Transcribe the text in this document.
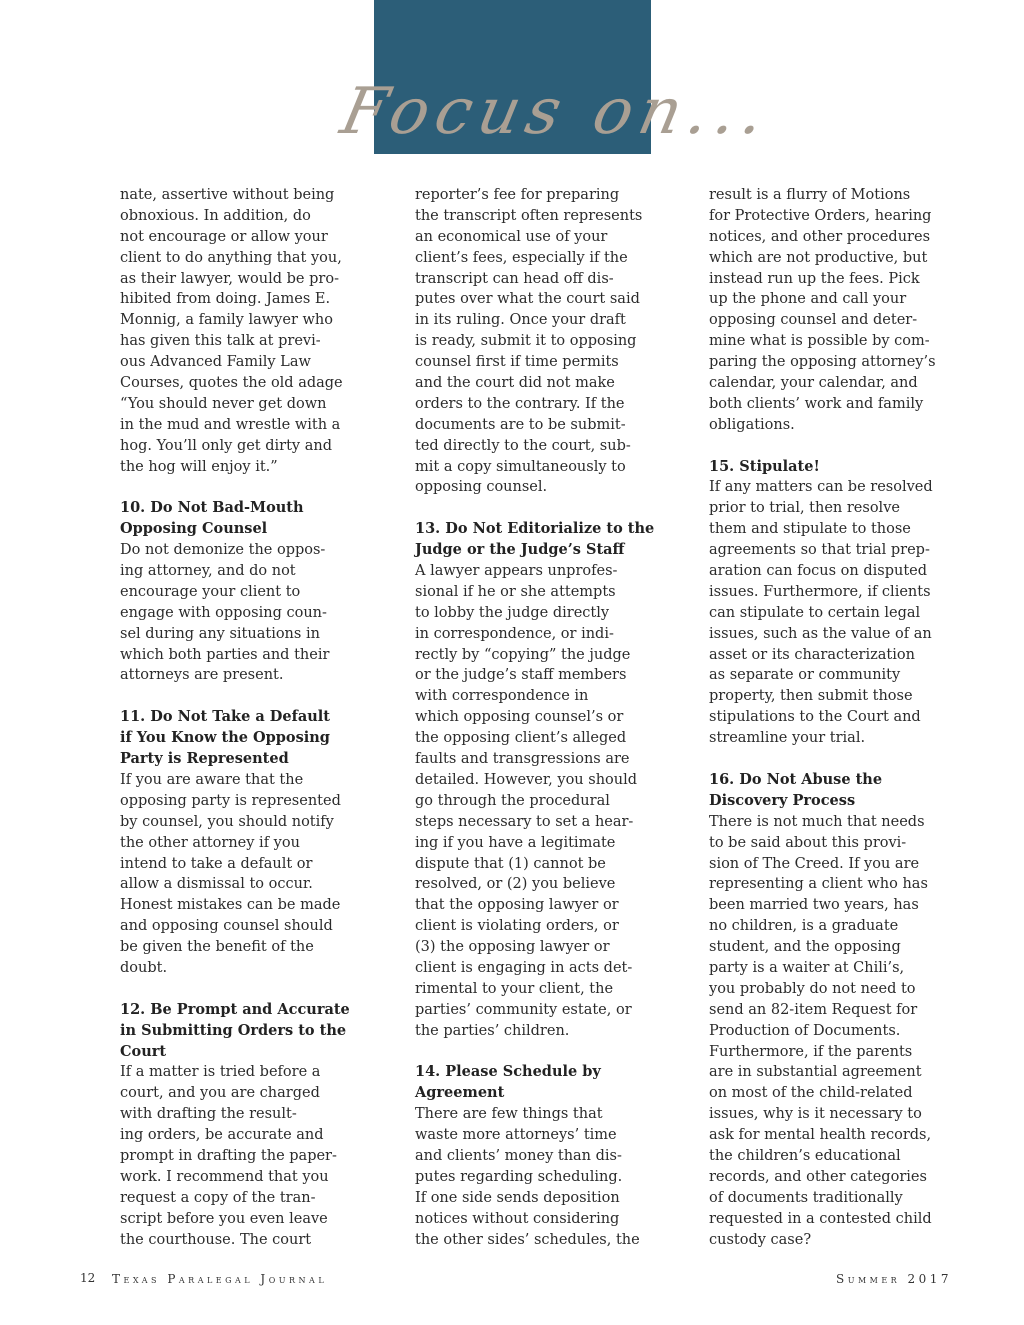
Focus on...
nate, assertive without being
obnoxious. In addition, do
not encourage or allow your
client to do anything that you,
as their lawyer, would be pro-
hibited from doing. James E.
Monnig, a family lawyer who
has given this talk at previ-
ous Advanced Family Law
Courses, quotes the old adage
“You should never get down
in the mud and wrestle with a
hog. You’ll only get dirty and
the hog will enjoy it.”
10. Do Not Bad-Mouth
Opposing Counsel
Do not demonize the oppos-
ing attorney, and do not
encourage your client to
engage with opposing coun-
sel during any situations in
which both parties and their
attorneys are present.
11. Do Not Take a Default
if You Know the Opposing
Party is Represented
If you are aware that the
opposing party is represented
by counsel, you should notify
the other attorney if you
intend to take a default or
allow a dismissal to occur.
Honest mistakes can be made
and opposing counsel should
be given the benefit of the
doubt.
12. Be Prompt and Accurate
in Submitting Orders to the
Court
If a matter is tried before a
court, and you are charged
with drafting the result-
ing orders, be accurate and
prompt in drafting the paper-
work. I recommend that you
request a copy of the tran-
script before you even leave
the courthouse. The court
reporter’s fee for preparing
the transcript often represents
an economical use of your
client’s fees, especially if the
transcript can head off dis-
putes over what the court said
in its ruling. Once your draft
is ready, submit it to opposing
counsel first if time permits
and the court did not make
orders to the contrary. If the
documents are to be submit-
ted directly to the court, sub-
mit a copy simultaneously to
opposing counsel.
13. Do Not Editorialize to the
Judge or the Judge’s Staff
A lawyer appears unprofes-
sional if he or she attempts
to lobby the judge directly
in correspondence, or indi-
rectly by “copying” the judge
or the judge’s staff members
with correspondence in
which opposing counsel’s or
the opposing client’s alleged
faults and transgressions are
detailed. However, you should
go through the procedural
steps necessary to set a hear-
ing if you have a legitimate
dispute that (1) cannot be
resolved, or (2) you believe
that the opposing lawyer or
client is violating orders, or
(3) the opposing lawyer or
client is engaging in acts det-
rimental to your client, the
parties’ community estate, or
the parties’ children.
14. Please Schedule by
Agreement
There are few things that
waste more attorneys’ time
and clients’ money than dis-
putes regarding scheduling.
If one side sends deposition
notices without considering
the other sides’ schedules, the
result is a flurry of Motions
for Protective Orders, hearing
notices, and other procedures
which are not productive, but
instead run up the fees. Pick
up the phone and call your
opposing counsel and deter-
mine what is possible by com-
paring the opposing attorney’s
calendar, your calendar, and
both clients’ work and family
obligations.
15. Stipulate!
If any matters can be resolved
prior to trial, then resolve
them and stipulate to those
agreements so that trial prep-
aration can focus on disputed
issues. Furthermore, if clients
can stipulate to certain legal
issues, such as the value of an
asset or its characterization
as separate or community
property, then submit those
stipulations to the Court and
streamline your trial.
16. Do Not Abuse the
Discovery Process
There is not much that needs
to be said about this provi-
sion of The Creed. If you are
representing a client who has
been married two years, has
no children, is a graduate
student, and the opposing
party is a waiter at Chili’s,
you probably do not need to
send an 82-item Request for
Production of Documents.
Furthermore, if the parents
are in substantial agreement
on most of the child-related
issues, why is it necessary to
ask for mental health records,
the children’s educational
records, and other categories
of documents traditionally
requested in a contested child
custody case?
12 Texas Paralegal Journal	Summer 2017
